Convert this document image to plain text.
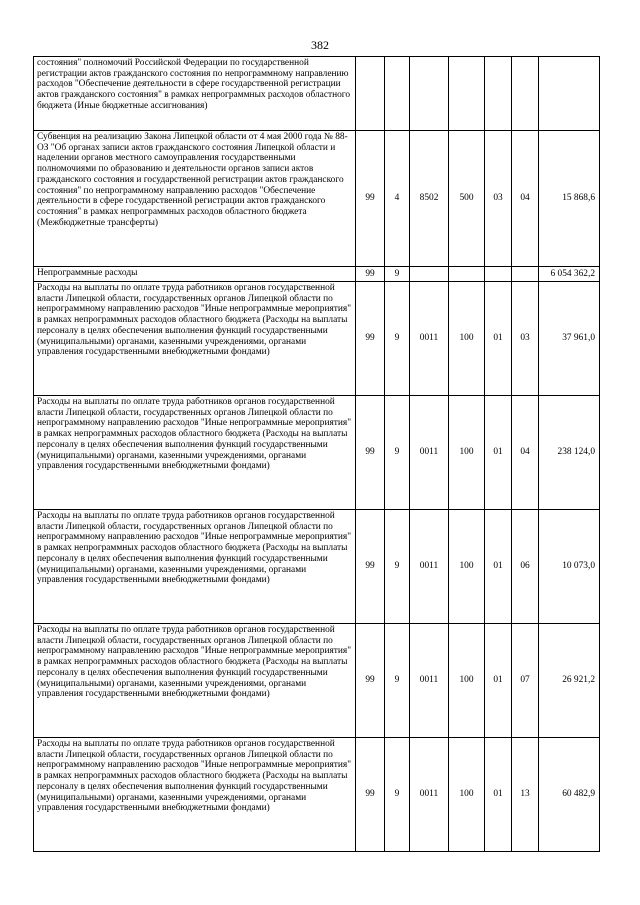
382
состояния" полномочий Российской Федерации по государственной регистрации актов гражданского состояния по непрограммному направлению расходов "Обеспечение деятельности в сфере государственной регистрации актов гражданского состояния" в рамках непрограммных расходов областного бюджета (Иные бюджетные ассигнования)							
Субвенция на реализацию Закона Липецкой области от 4 мая 2000 года № 88-ОЗ "Об органах записи актов гражданского состояния Липецкой области и наделении органов местного самоуправления государственными полномочиями по образованию и деятельности органов записи актов гражданского состояния и государственной регистрации актов гражданского состояния" по непрограммному направлению расходов "Обеспечение деятельности в сфере государственной регистрации актов гражданского состояния" в рамках непрограммных расходов областного бюджета (Межбюджетные трансферты)	99	4	8502	500	03	04	15 868,6
Непрограммные расходы	99	9					6 054 362,2
Расходы на выплаты по оплате труда работников органов государственной власти Липецкой области, государственных органов Липецкой области по непрограммному направлению расходов "Иные непрограммные мероприятия" в рамках непрограммных расходов областного бюджета (Расходы на выплаты персоналу в целях обеспечения выполнения функций государственными (муниципальными) органами, казенными учреждениями, органами управления государственными внебюджетными фондами)	99	9	0011	100	01	03	37 961,0
Расходы на выплаты по оплате труда работников органов государственной власти Липецкой области, государственных органов Липецкой области по непрограммному направлению расходов "Иные непрограммные мероприятия" в рамках непрограммных расходов областного бюджета (Расходы на выплаты персоналу в целях обеспечения выполнения функций государственными (муниципальными) органами, казенными учреждениями, органами управления государственными внебюджетными фондами)	99	9	0011	100	01	04	238 124,0
Расходы на выплаты по оплате труда работников органов государственной власти Липецкой области, государственных органов Липецкой области по непрограммному направлению расходов "Иные непрограммные мероприятия" в рамках непрограммных расходов областного бюджета (Расходы на выплаты персоналу в целях обеспечения выполнения функций государственными (муниципальными) органами, казенными учреждениями, органами управления государственными внебюджетными фондами)	99	9	0011	100	01	06	10 073,0
Расходы на выплаты по оплате труда работников органов государственной власти Липецкой области, государственных органов Липецкой области по непрограммному направлению расходов "Иные непрограммные мероприятия" в рамках непрограммных расходов областного бюджета (Расходы на выплаты персоналу в целях обеспечения выполнения функций государственными (муниципальными) органами, казенными учреждениями, органами управления государственными внебюджетными фондами)	99	9	0011	100	01	07	26 921,2
Расходы на выплаты по оплате труда работников органов государственной власти Липецкой области, государственных органов Липецкой области по непрограммному направлению расходов "Иные непрограммные мероприятия" в рамках непрограммных расходов областного бюджета (Расходы на выплаты персоналу в целях обеспечения выполнения функций государственными (муниципальными) органами, казенными учреждениями, органами управления государственными внебюджетными фондами)	99	9	0011	100	01	13	60 482,9
